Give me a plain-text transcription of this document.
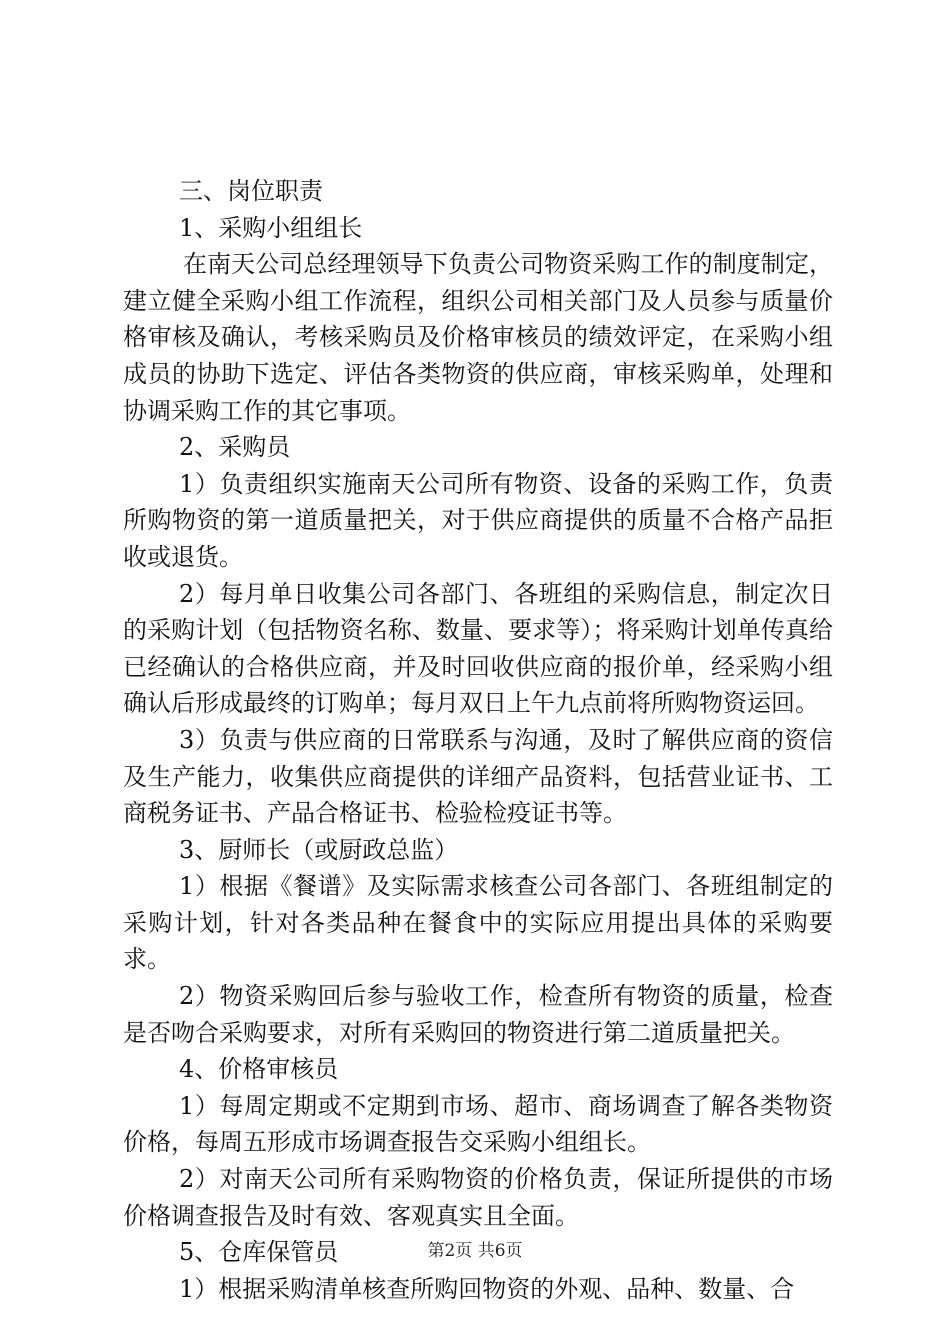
三、岗位职责

1、采购小组组长

在南天公司总经理领导下负责公司物资采购工作的制度制定，建立健全采购小组工作流程，组织公司相关部门及人员参与质量价格审核及确认，考核采购员及价格审核员的绩效评定，在采购小组成员的协助下选定、评估各类物资的供应商，审核采购单，处理和协调采购工作的其它事项。

2、采购员

1）负责组织实施南天公司所有物资、设备的采购工作，负责所购物资的第一道质量把关，对于供应商提供的质量不合格产品拒收或退货。

2）每月单日收集公司各部门、各班组的采购信息，制定次日的采购计划（包括物资名称、数量、要求等）；将采购计划单传真给已经确认的合格供应商，并及时回收供应商的报价单，经采购小组确认后形成最终的订购单；每月双日上午九点前将所购物资运回。

3）负责与供应商的日常联系与沟通，及时了解供应商的资信及生产能力，收集供应商提供的详细产品资料，包括营业证书、工商税务证书、产品合格证书、检验检疫证书等。

3、厨师长（或厨政总监）

1）根据《餐谱》及实际需求核查公司各部门、各班组制定的采购计划，针对各类品种在餐食中的实际应用提出具体的采购要求。

2）物资采购回后参与验收工作，检查所有物资的质量，检查是否吻合采购要求，对所有采购回的物资进行第二道质量把关。

4、价格审核员

1）每周定期或不定期到市场、超市、商场调查了解各类物资价格，每周五形成市场调查报告交采购小组组长。

2）对南天公司所有采购物资的价格负责，保证所提供的市场价格调查报告及时有效、客观真实且全面。

5、仓库保管员

1）根据采购清单核查所购回物资的外观、品种、数量、合

第2页 共6页
